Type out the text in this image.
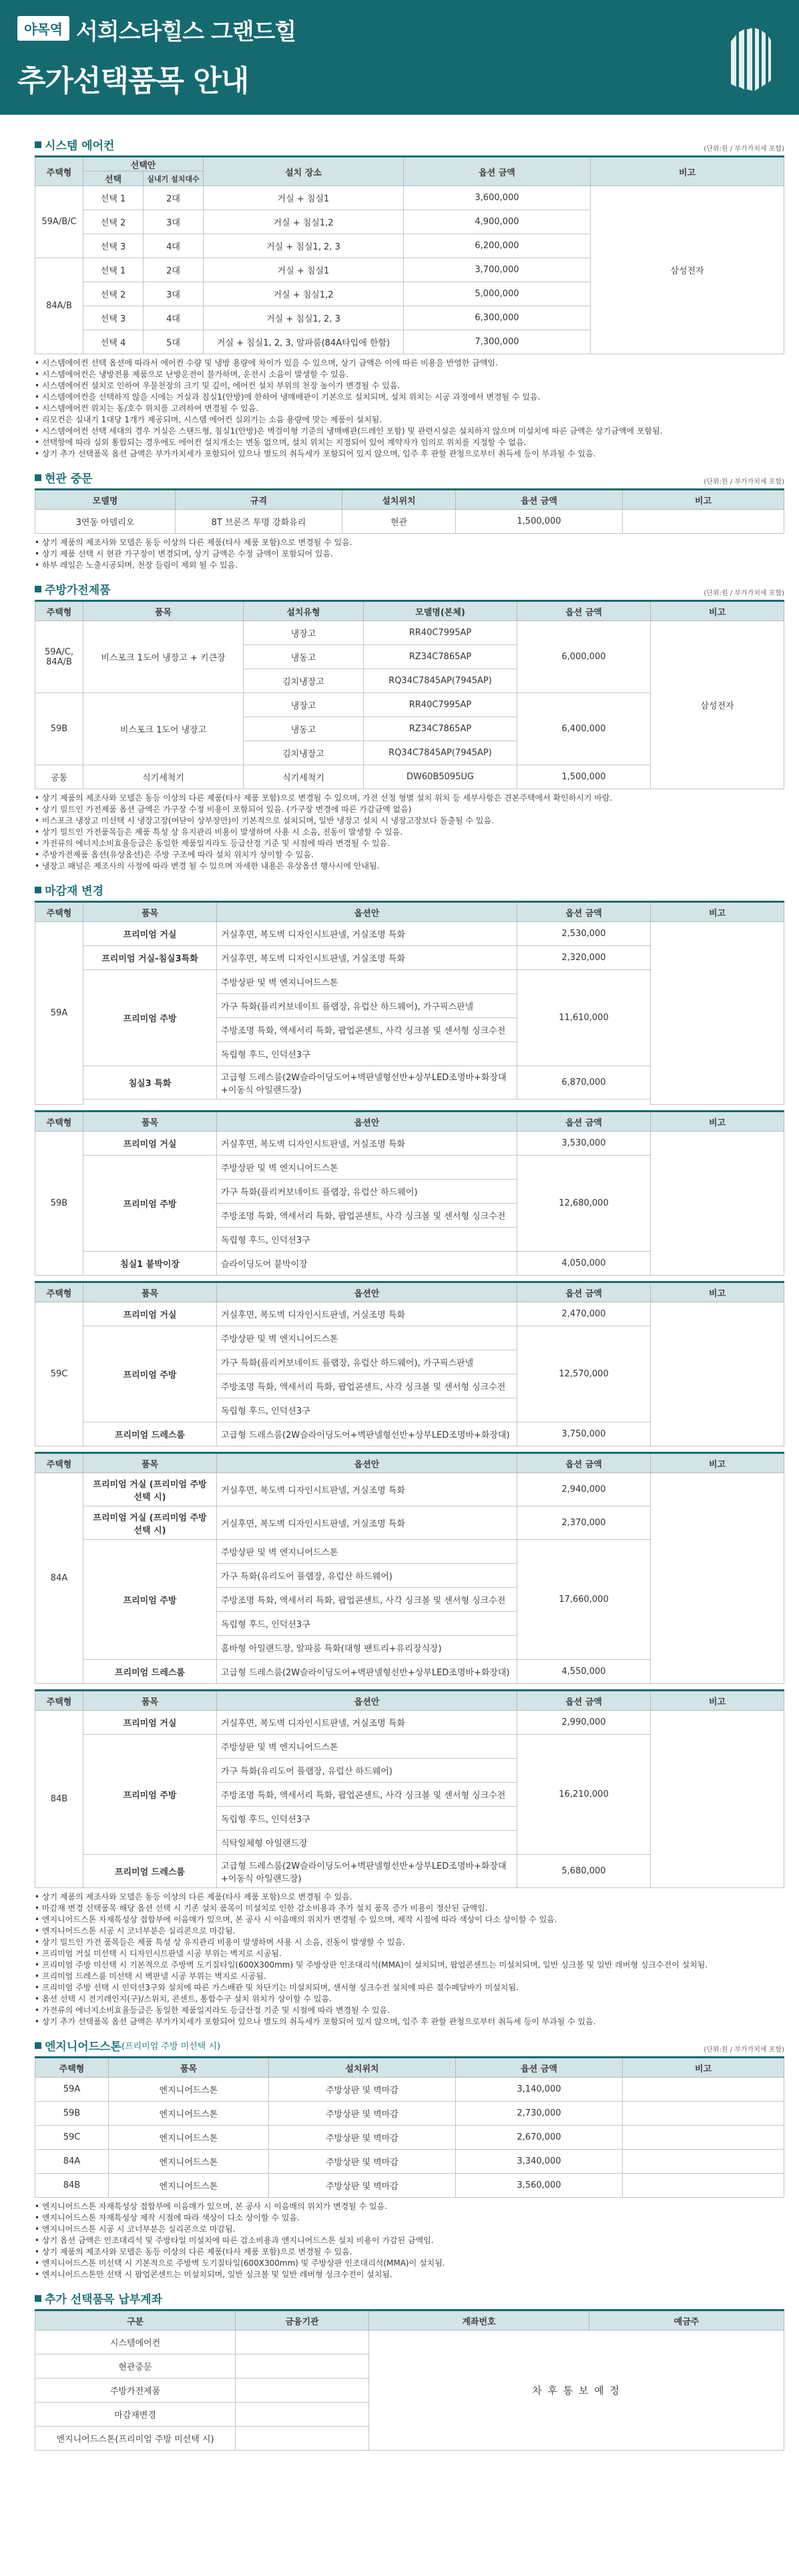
야목역 서희스타힐스 그랜드힐
추가선택품목 안내
시스템 에어컨	(단위:원 / 부가가치세 포함)
주택형	선택안		설치 장소	옵션 금액	비고
	선택	실내기 설치대수			
59A/B/C	선택 1	2대	거실 + 침실1	3,600,000	삼성전자
	선택 2	3대	거실 + 침실1,2	4,900,000	
	선택 3	4대	거실 + 침실1, 2, 3	6,200,000	
84A/B	선택 1	2대	거실 + 침실1	3,700,000	
	선택 2	3대	거실 + 침실1,2	5,000,000	
	선택 3	4대	거실 + 침실1, 2, 3	6,300,000	
	선택 4	5대	거실 + 침실1, 2, 3, 알파룸(84A타입에 한함)	7,300,000	
• 시스템에어컨 선택 옵션에 따라서 에어컨 수량 및 냉방 용량에 차이가 있을 수 있으며, 상기 금액은 이에 따른 비용을 반영한 금액임.
• 시스템에어컨은 냉방전용 제품으로 난방운전이 불가하며, 운전시 소음이 발생할 수 있음.
• 시스템에어컨 설치로 인하여 우물천장의 크기 및 깊이, 에어컨 설치 부위의 천장 높이가 변경될 수 있음.
• 시스템에어컨을 선택하지 않을 시에는 거실과 침실1(안방)에 한하여 냉매배관이 기본으로 설치되며, 설치 위치는 시공 과정에서 변경될 수 있음.
• 시스템에어컨 위치는 동/호수 위치를 고려하여 변경될 수 있음.
• 리모컨은 실내기 1대당 1개가 제공되며, 시스템 에어컨 실외기는 소음 용량에 맞는 제품이 설치됨.
• 시스템에어컨 선택 세대의 경우 거실은 스탠드형, 침실1(안방)은 벽걸이형 기준의 냉매배관(드레인 포함) 및 관련시설은 설치하지 않으며 미설치에 따른 금액은 상기금액에 포함됨.
• 선택항에 따라 실외 통합되는 경우에도 에어컨 설치개소는 변동 없으며, 설치 위치는 지정되어 있어 계약자가 임의로 위치를 지정할 수 없음.
• 상기 추가 선택품목 옵션 금액은 부가가치세가 포함되어 있으나 별도의 취득세가 포함되어 있지 않으며, 입주 후 관할 관청으로부터 취득세 등이 부과될 수 있음.
현관 중문	(단위:원 / 부가가치세 포함)
모델명	규격	설치위치	옵션 금액	비고
3연동 아델리오	8T 브론즈 투명 강화유리	현관	1,500,000	
• 상기 제품의 제조사와 모델은 동등 이상의 다른 제품(타사 제품 포함)으로 변경될 수 있음.
• 상기 제품 선택 시 현관 가구장이 변경되며, 상기 금액은 수정 금액이 포함되어 있음.
• 하부 레일은 노출시공되며, 천장 들림이 제외 될 수 있음.
주방가전제품	(단위:원 / 부가가치세 포함)
주택형	품목	설치유형	모델명(본체)	옵션 금액	비고
59A/C, 84A/B	비스포크 1도어 냉장고 + 키큰장	냉장고	RR40C7995AP	6,000,000	삼성전자
		냉동고	RZ34C7865AP		
		김치냉장고	RQ34C7845AP(7945AP)		
59B	비스포크 1도어 냉장고	냉장고	RR40C7995AP	6,400,000	
		냉동고	RZ34C7865AP		
		김치냉장고	RQ34C7845AP(7945AP)		
공통	식기세척기	식기세척기	DW60B5095UG	1,500,000	
• 상기 제품의 제조사와 모델은 동등 이상의 다른 제품(타사 제품 포함)으로 변경될 수 있으며, 가전 선정 형별 설치 위치 등 세부사항은 견본주택에서 확인하시기 바람.
• 상기 빌트인 가전제품 옵션 금액은 가구장 수정 비용이 포함되어 있음. (가구장 변경에 따른 가감금액 없음)
• 비스포크 냉장고 미선택 시 냉장고장(여닫이 상부장만)이 기본적으로 설치되며, 일반 냉장고 설치 시 냉장고장보다 돌출될 수 있음.
• 상기 빌트인 가전품목들은 제품 특성 상 유지관리 비용이 발생하며 사용 시 소음, 진동이 발생할 수 있음.
• 가전류의 에너지소비효율등급은 동일한 제품일지라도 등급산정 기준 및 시점에 따라 변경될 수 있음.
• 주방가전제품 옵션(유상옵션)은 주방 구조에 따라 설치 위치가 상이할 수 있음.
• 냉장고 패널은 제조사의 사정에 따라 변경 될 수 있으며 자세한 내용은 유상옵션 행사시에 안내됨.
마감재 변경
주택형	품목	옵션안	옵션 금액	비고
59A	프리미엄 거실	거실후면, 복도벽 디자인시트판넬, 거실조명 특화	2,530,000	
	프리미엄 거실-침실3특화	거실후면, 복도벽 디자인시트판넬, 거실조명 특화	2,320,000	
	프리미엄 주방	주방상판 및 벽 엔지니어드스톤	11,610,000	
		가구 특화(플리커보네이트 플랩장, 유럽산 하드웨어), 가구픽스판넬		
		주방조명 특화, 액세서리 특화, 팝업콘센트, 사각 싱크볼 및 센서형 싱크수전		
		독립형 후드, 인덕션3구		
	침실3 특화	고급형 드레스룸(2W슬라이딩도어+벽판넬형선반+상부LED조명바+화장대+이동식 아일랜드장)	6,870,000	

주택형	품목	옵션안	옵션 금액	비고
59B	프리미엄 거실	거실후면, 복도벽 디자인시트판넬, 거실조명 특화	3,530,000	
	프리미엄 주방	주방상판 및 벽 엔지니어드스톤	12,680,000	
		가구 특화(플리커보네이트 플랩장, 유럽산 하드웨어)		
		주방조명 특화, 액세서리 특화, 팝업콘센트, 사각 싱크볼 및 센서형 싱크수전		
		독립형 후드, 인덕션3구		
	침실1 붙박이장	슬라이딩도어 붙박이장	4,050,000	
주택형	품목	옵션안	옵션 금액	비고
59C	프리미엄 거실	거실후면, 복도벽 디자인시트판넬, 거실조명 특화	2,470,000	
	프리미엄 주방	주방상판 및 벽 엔지니어드스톤	12,570,000	
		가구 특화(플리커보네이트 플랩장, 유럽산 하드웨어), 가구픽스판넬		
		주방조명 특화, 액세서리 특화, 팝업콘센트, 사각 싱크볼 및 센서형 싱크수전		
		독립형 후드, 인덕션3구		
	프리미엄 드레스룸	고급형 드레스룸(2W슬라이딩도어+벽판넬형선반+상부LED조명바+화장대)	3,750,000	
주택형	품목	옵션안	옵션 금액	비고
84A	프리미엄 거실 (프리미엄 주방 선택 시)	거실후면, 복도벽 디자인시트판넬, 거실조명 특화	2,940,000	
	프리미엄 거실 (프리미엄 주방 선택 시)	거실후면, 복도벽 디자인시트판넬, 거실조명 특화	2,370,000	
	프리미엄 주방	주방상판 및 벽 엔지니어드스톤	17,660,000	
		가구 특화(유리도어 플랩장, 유럽산 하드웨어)		
		주방조명 특화, 액세서리 특화, 팝업콘센트, 사각 싱크볼 및 센서형 싱크수전		
		독립형 후드, 인덕션3구		
		홈바형 아일랜드장, 알파룸 특화(대형 팬트리+유리장식장)		
	프리미엄 드레스룸	고급형 드레스룸(2W슬라이딩도어+벽판넬형선반+상부LED조명바+화장대)	4,550,000	
주택형	품목	옵션안	옵션 금액	비고
84B	프리미엄 거실	거실후면, 복도벽 디자인시트판넬, 거실조명 특화	2,990,000	
	프리미엄 주방	주방상판 및 벽 엔지니어드스톤	16,210,000	
		가구 특화(유리도어 플랩장, 유럽산 하드웨어)		
		주방조명 특화, 액세서리 특화, 팝업콘센트, 사각 싱크볼 및 센서형 싱크수전		
		독립형 후드, 인덕션3구		
		식탁일체형 아일랜드장		
	프리미엄 드레스룸	고급형 드레스룸(2W슬라이딩도어+벽판넬형선반+상부LED조명바+화장대+이동식 아일랜드장)	5,680,000	
• 상기 제품의 제조사와 모델은 동등 이상의 다른 제품(타사 제품 포함)으로 변경될 수 있음.
• 마감재 변경 선택품목 해당 옵션 선택 시 기존 설치 품목이 미설치로 인한 감소비용과 추가 설치 품목 증가 비용이 정산된 금액임.
• 엔지니어드스톤 자재특성상 접합부에 이음매가 있으며, 본 공사 시 이음매의 위치가 변경될 수 있으며, 제작 시점에 따라 색상이 다소 상이할 수 있음.
• 엔지니어드스톤 시공 시 코너부분은 실리콘으로 마감됨.
• 상기 빌트인 가전 품목들은 제품 특성 상 유지관리 비용이 발생하며 사용 시 소음, 진동이 발생할 수 있음.
• 프리미엄 거실 미선택 시 디자인시트판넬 시공 부위는 벽지로 시공됨.
• 프리미엄 주방 미선택 시 기본적으로 주방벽 도기질타일(600X300mm) 및 주방상판 인조대리석(MMA)이 설치되며, 팝업콘센트는 미설치되며, 일반 싱크볼 및 일반 레버형 싱크수전이 설치됨.
• 프리미엄 드레스룸 미선택 시 벽판넬 시공 부위는 벽지로 시공됨.
• 프리미엄 주방 선택 시 인덕션3구와 설치에 따른 가스배관 및 차단기는 미설치되며, 센서형 싱크수전 설치에 따른 절수페달바가 미설치됨.
• 옵션 선택 시 전기레인지(구)/스위치, 콘센트, 통합수구 설치 위치가 상이할 수 있음.
• 가전류의 에너지소비효율등급은 동일한 제품일지라도 등급산정 기준 및 시점에 따라 변경될 수 있음.
• 상기 추가 선택품목 옵션 금액은 부가가치세가 포함되어 있으나 별도의 취득세가 포함되어 있지 않으며, 입주 후 관할 관청으로부터 취득세 등이 부과될 수 있음.
엔지니어드스톤 (프리미엄 주방 미선택 시)	(단위:원 / 부가가치세 포함)
주택형	품목	설치위치	옵션 금액	비고
59A	엔지니어드스톤	주방상판 및 벽마감	3,140,000	
59B	엔지니어드스톤	주방상판 및 벽마감	2,730,000	
59C	엔지니어드스톤	주방상판 및 벽마감	2,670,000	
84A	엔지니어드스톤	주방상판 및 벽마감	3,340,000	
84B	엔지니어드스톤	주방상판 및 벽마감	3,560,000	
• 엔지니어드스톤 자재특성상 접합부에 이음매가 있으며, 본 공사 시 이음매의 위치가 변경될 수 있음.
• 엔지니어드스톤 자재특성상 제작 시점에 따라 색상이 다소 상이할 수 있음.
• 엔지니어드스톤 시공 시 코너부분은 실리콘으로 마감됨.
• 상기 옵션 금액은 인조대리석 및 주방타일 미설치에 따른 감소비용과 엔지니어드스톤 설치 비용이 가감된 금액임.
• 상기 제품의 제조사와 모델은 동등 이상의 다른 제품(타사 제품 포함)으로 변경될 수 있음.
• 엔지니어드스톤 미선택 시 기본적으로 주방벽 도기질타일(600X300mm) 및 주방상판 인조대리석(MMA)이 설치됨.
• 엔지니어드스톤만 선택 시 팝업콘센트는 미설치되며, 일반 싱크볼 및 일반 레버형 싱크수전이 설치됨.
추가 선택품목 납부계좌
구분	금융기관	계좌번호	예금주
시스템에어컨		차 후 통 보 예 정	
현관중문			
주방가전제품			
마감재변경			
엔지니어드스톤(프리미엄 주방 미선택 시)			
